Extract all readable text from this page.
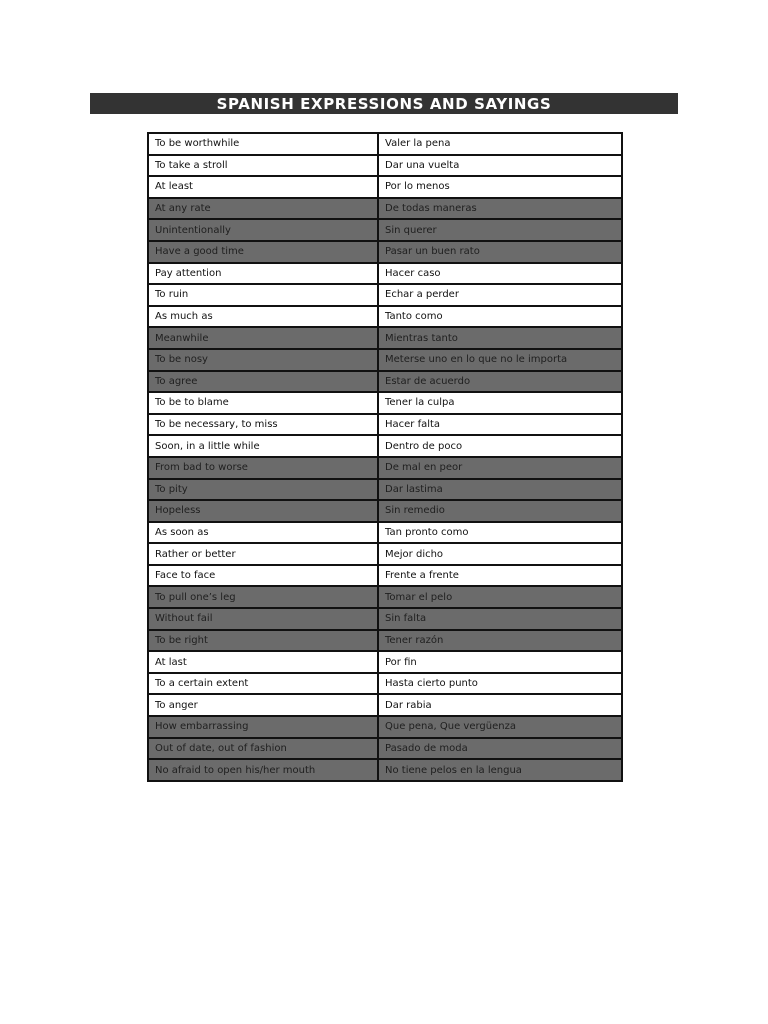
SPANISH EXPRESSIONS AND SAYINGS
To be worthwhile	Valer la pena
To take a stroll	Dar una vuelta
At least	Por lo menos
At any rate	De todas maneras
Unintentionally	Sin querer
Have a good time	Pasar un buen rato
Pay attention	Hacer caso
To ruin	Echar a perder
As much as	Tanto como
Meanwhile	Mientras tanto
To be nosy	Meterse uno en lo que no le importa
To agree	Estar de acuerdo
To be to blame	Tener la culpa
To be necessary, to miss	Hacer falta
Soon, in a little while	Dentro de poco
From bad to worse	De mal en peor
To pity	Dar lastima
Hopeless	Sin remedio
As soon as	Tan pronto como
Rather or better	Mejor dicho
Face to face	Frente a frente
To pull one’s leg	Tomar el pelo
Without fail	Sin falta
To be right	Tener razón
At last	Por fin
To a certain extent	Hasta cierto punto
To anger	Dar rabia
How embarrassing	Que pena, Que vergüenza
Out of date, out of fashion	Pasado de moda
No afraid to open his/her mouth	No tiene pelos en la lengua
